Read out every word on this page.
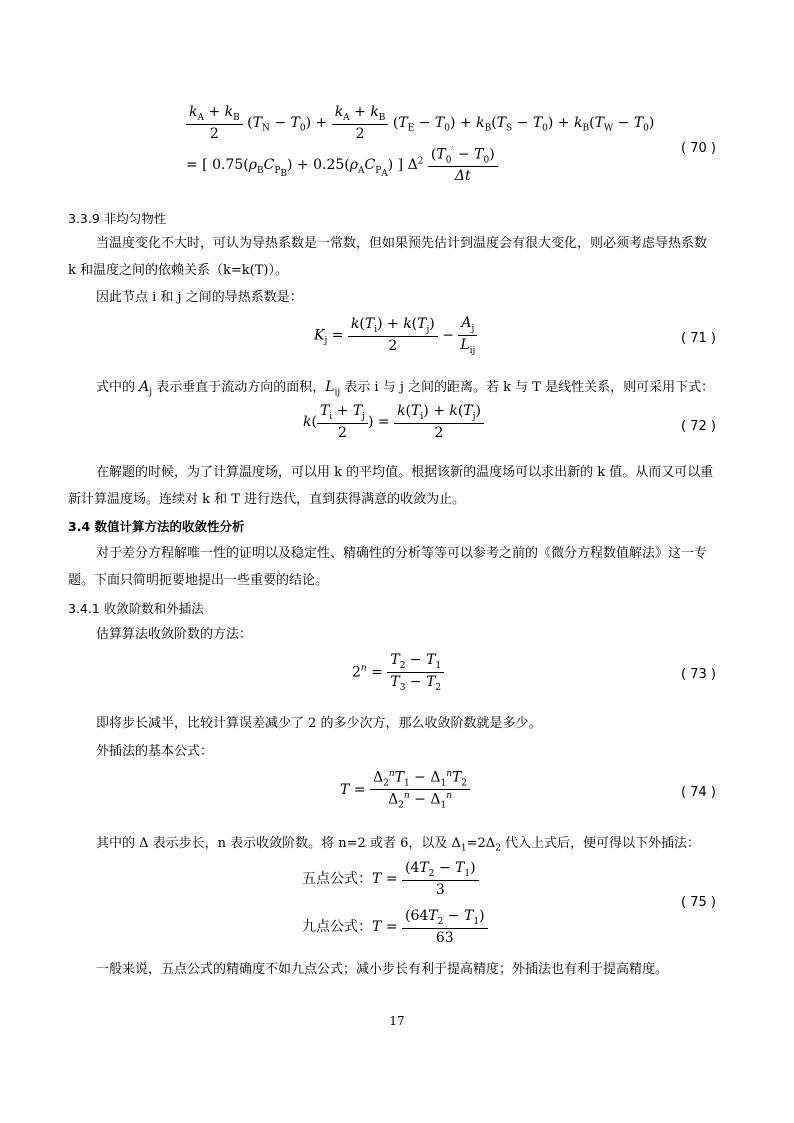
$\frac{k_A + k_B}{2} (T_N - T_0) + \frac{k_A + k_B}{2} (T_E - T_0) + k_B(T_S - T_0) + k_B(T_W - T_0)$
= [ $0.75(\rho_BC_{P_B}) + 0.25(\rho_AC_{P_A})$ ] $\Delta^2 \frac{(T_0' - T_0)}{\Delta t}$	( 70 )
3.3.9 非均匀物性
当温度变化不大时，可认为导热系数是一常数，但如果预先估计到温度会有很大变化，则必须考虑导热系数 k 和温度之间的依赖关系（k=k(T)）。
因此节点 i 和 j 之间的导热系数是：
$K_j = \frac{k(T_i) + k(T_j)}{2} - \frac{A_j}{L_{ij}}$	( 71 )
式中的 $A_j$ 表示垂直于流动方向的面积，$L_{ij}$ 表示 i 与 j 之间的距离。若 k 与 T 是线性关系，则可采用下式：
$k( \frac{T_i + T_j}{2}$ ) = $\frac{k(T_i) + k(T_j)}{2}$	( 72 )
在解题的时候，为了计算温度场，可以用 k 的平均值。根据该新的温度场可以求出新的 k 值。从而又可以重新计算温度场。连续对 k 和 T 进行迭代，直到获得满意的收敛为止。
3.4 数值计算方法的收敛性分析
对于差分方程解唯一性的证明以及稳定性、精确性的分析等等可以参考之前的《微分方程数值解法》这一专题。下面只简明扼要地提出一些重要的结论。
3.4.1 收敛阶数和外插法
估算算法收敛阶数的方法：
$2^n = \frac{T_2 - T_1}{T_3 - T_2}$	( 73 )
即将步长减半，比较计算误差减少了 2 的多少次方，那么收敛阶数就是多少。
外插法的基本公式：
$T = \frac{\Delta_2^nT_1 - \Delta_1^nT_2}{\Delta_2^n - \Delta_1^n}$	( 74 )
其中的 Δ 表示步长，n 表示收敛阶数。将 n=2 或者 6，以及 $\Delta_1=2\Delta_2$ 代入上式后，便可得以下外插法：
五点公式：$T = \frac{(4T_2 - T_1)}{3}$
九点公式：$T = \frac{(64T_2 - T_1)}{63}$
( 75 )
一般来说，五点公式的精确度不如九点公式；减小步长有利于提高精度；外插法也有利于提高精度。
17
